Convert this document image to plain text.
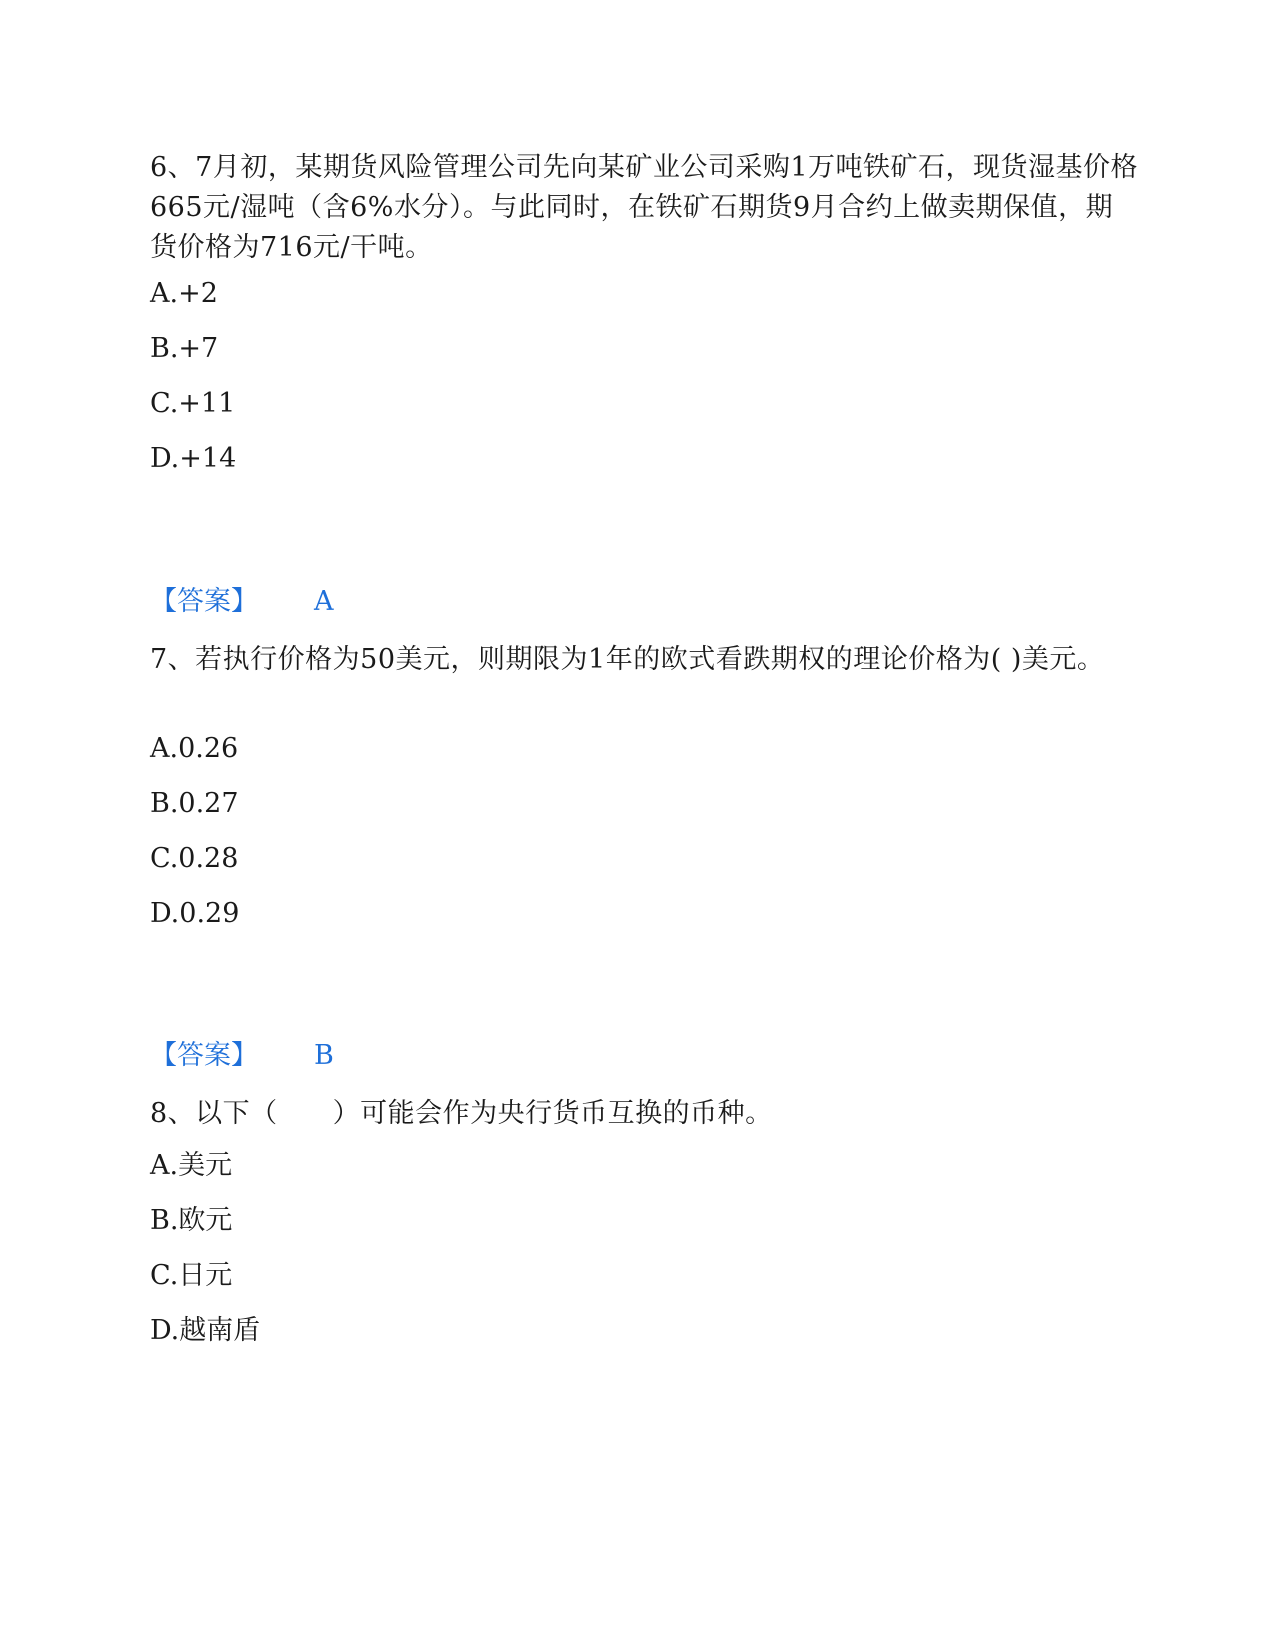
6、7月初，某期货风险管理公司先向某矿业公司采购1万吨铁矿石，现货湿基价格665元/湿吨（含6%水分）。与此同时，在铁矿石期货9月合约上做卖期保值，期货价格为716元/干吨。

A.+2

B.+7

C.+11

D.+14

【答案】 A

7、若执行价格为50美元，则期限为1年的欧式看跌期权的理论价格为( )美元。

A.0.26

B.0.27

C.0.28

D.0.29

【答案】 B

8、以下（　　）可能会作为央行货币互换的币种。

A.美元

B.欧元

C.日元

D.越南盾
